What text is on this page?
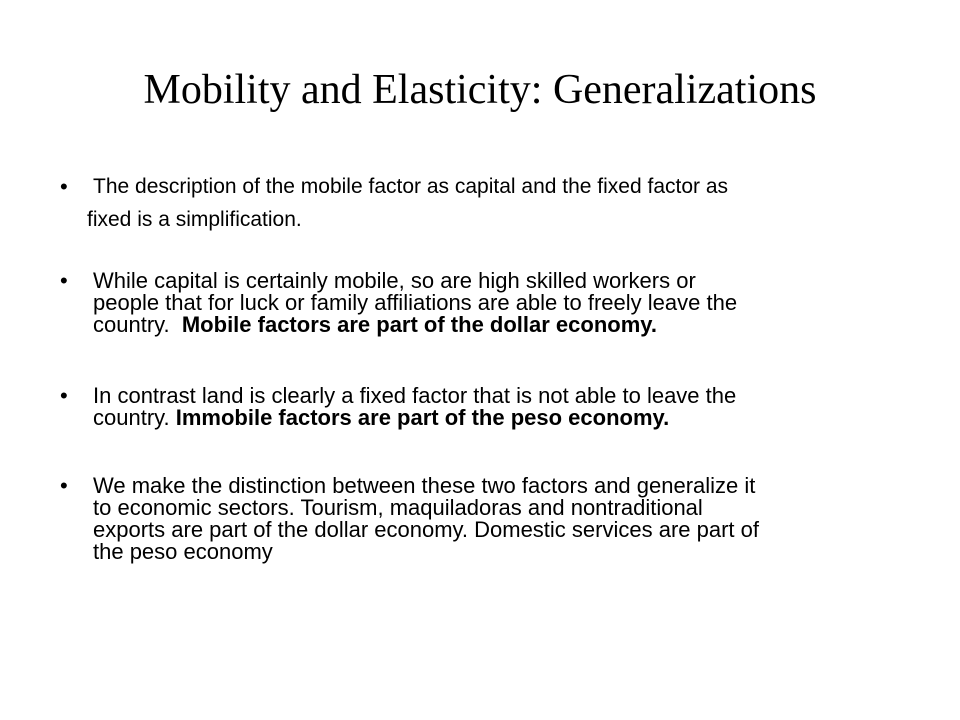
Mobility and Elasticity: Generalizations
•	The description of the mobile factor as capital and the fixed factor as
fixed is a simplification.
•	While capital is certainly mobile, so are high skilled workers or
people that for luck or family affiliations are able to freely leave the
country.  Mobile factors are part of the dollar economy.
•	In contrast land is clearly a fixed factor that is not able to leave the
country. Immobile factors are part of the peso economy.
•	We make the distinction between these two factors and generalize it
to economic sectors. Tourism, maquiladoras and nontraditional
exports are part of the dollar economy. Domestic services are part of
the peso economy
